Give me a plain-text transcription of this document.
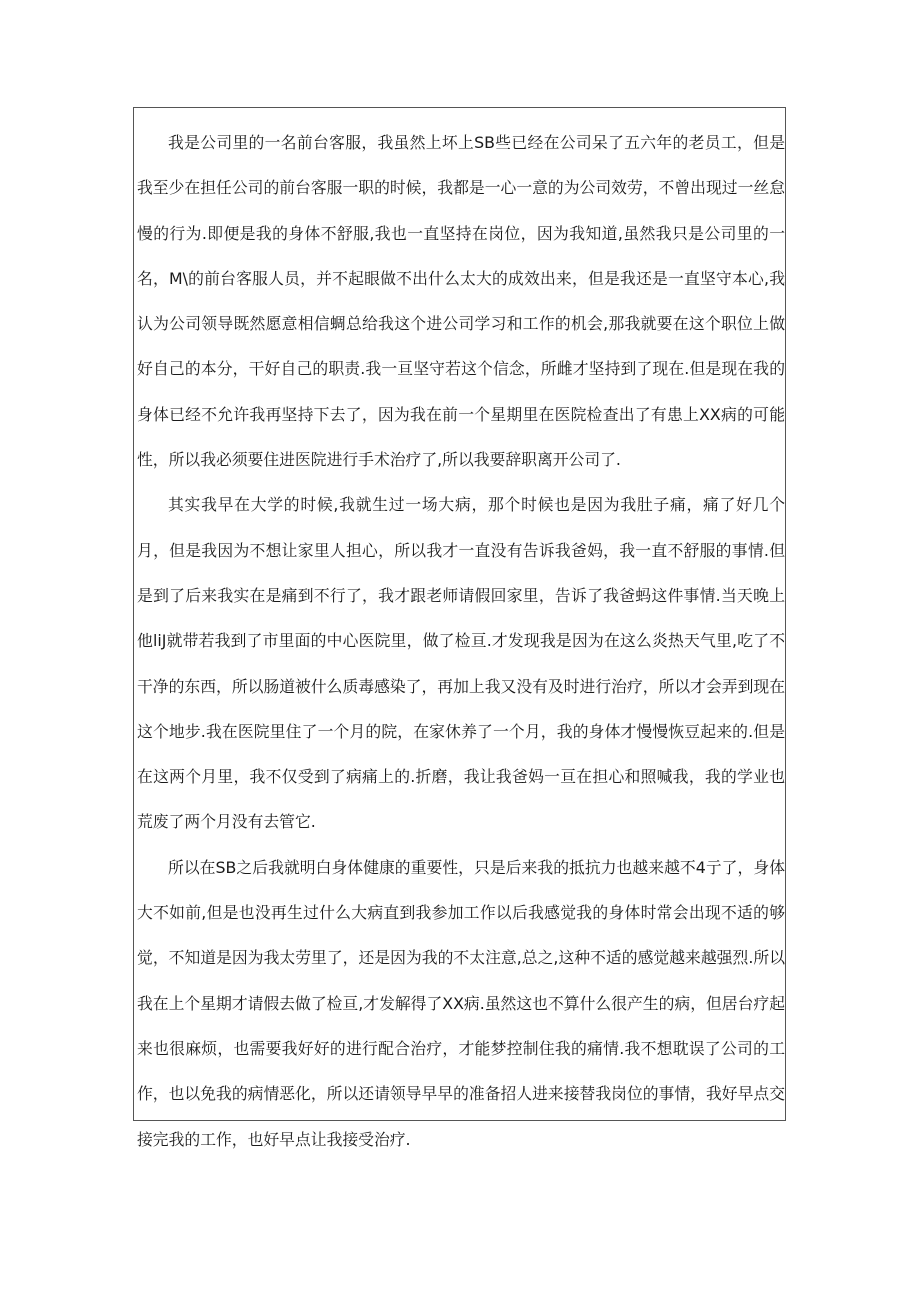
我是公司里的一名前台客服，我虽然上坏上SB些已经在公司呆了五六年的老员工，但是我至少在担任公司的前台客服一职的时候，我都是一心一意的为公司效劳，不曾出现过一丝怠慢的行为.即便是我的身体不舒服,我也一直坚持在岗位，因为我知道,虽然我只是公司里的一名，M\的前台客服人员，并不起眼做不出什么太大的成效出来，但是我还是一直坚守本心,我认为公司领导既然愿意相信蜩总给我这个进公司学习和工作的机会,那我就要在这个职位上做好自己的本分，干好自己的职责.我一亘坚守若这个信念，所雌才坚持到了现在.但是现在我的身体已经不允许我再坚持下去了，因为我在前一个星期里在医院检查出了有患上XX病的可能性，所以我必须要住进医院进行手术治疗了,所以我要辞职离开公司了.

其实我早在大学的时候,我就生过一场大病，那个时候也是因为我肚子痛，痛了好几个月，但是我因为不想让家里人担心，所以我才一直没有告诉我爸妈，我一直不舒服的事情.但是到了后来我实在是痛到不行了，我才跟老师请假回家里，告诉了我爸蚂这件事情.当天晚上他liJ就带若我到了市里面的中心医院里，做了检亘.才发现我是因为在这么炎热天气里,吃了不干净的东西，所以肠道被什么质毒感染了，再加上我又没有及时进行治疗，所以才会弄到现在这个地步.我在医院里住了一个月的院，在家休养了一个月，我的身体才慢慢恢豆起来的.但是在这两个月里，我不仅受到了病痛上的.折磨，我让我爸妈一亘在担心和照喊我，我的学业也荒废了两个月没有去管它.

所以在SB之后我就明白身体健康的重要性，只是后来我的抵抗力也越来越不4亍了，身体大不如前,但是也没再生过什么大病直到我参加工作以后我感觉我的身体时常会出现不适的够觉，不知道是因为我太劳里了，还是因为我的不太注意,总之,这种不适的感觉越来越强烈.所以我在上个星期才请假去做了检亘,才发解得了XX病.虽然这也不算什么很产生的病，但居台疗起来也很麻烦，也需要我好好的进行配合治疗，才能梦控制住我的痛情.我不想耽误了公司的工作，也以免我的病情恶化，所以还请领导早早的准备招人进来接替我岗位的事情，我好早点交接完我的工作，也好早点让我接受治疗.
